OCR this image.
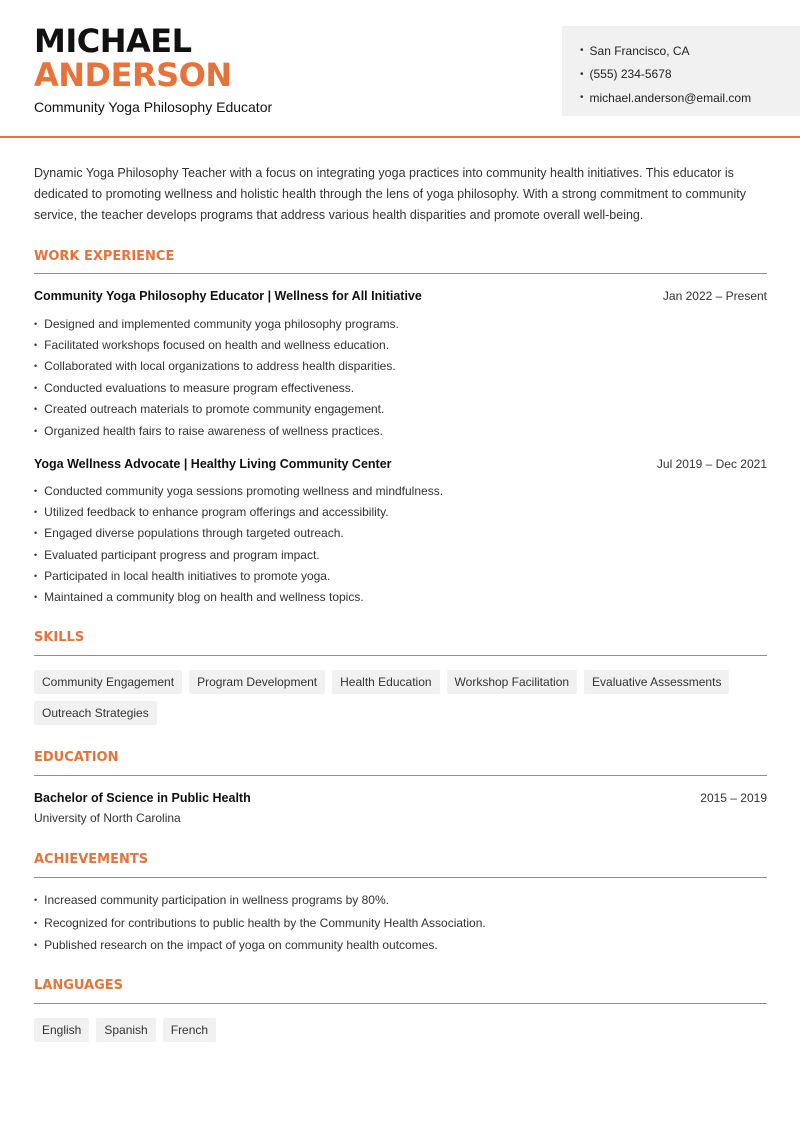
MICHAEL
ANDERSON
Community Yoga Philosophy Educator
• San Francisco, CA
• (555) 234-5678
• michael.anderson@email.com

Dynamic Yoga Philosophy Teacher with a focus on integrating yoga practices into community health initiatives. This educator is dedicated to promoting wellness and holistic health through the lens of yoga philosophy. With a strong commitment to community service, the teacher develops programs that address various health disparities and promote overall well-being.

WORK EXPERIENCE
Community Yoga Philosophy Educator | Wellness for All Initiative	Jan 2022 – Present
• Designed and implemented community yoga philosophy programs.
• Facilitated workshops focused on health and wellness education.
• Collaborated with local organizations to address health disparities.
• Conducted evaluations to measure program effectiveness.
• Created outreach materials to promote community engagement.
• Organized health fairs to raise awareness of wellness practices.
Yoga Wellness Advocate | Healthy Living Community Center	Jul 2019 – Dec 2021
• Conducted community yoga sessions promoting wellness and mindfulness.
• Utilized feedback to enhance program offerings and accessibility.
• Engaged diverse populations through targeted outreach.
• Evaluated participant progress and program impact.
• Participated in local health initiatives to promote yoga.
• Maintained a community blog on health and wellness topics.
SKILLS
Community Engagement	Program Development	Health Education	Workshop Facilitation	Evaluative Assessments
Outreach Strategies
EDUCATION
Bachelor of Science in Public Health	2015 – 2019
University of North Carolina
ACHIEVEMENTS
• Increased community participation in wellness programs by 80%.
• Recognized for contributions to public health by the Community Health Association.
• Published research on the impact of yoga on community health outcomes.
LANGUAGES
English	Spanish	French
